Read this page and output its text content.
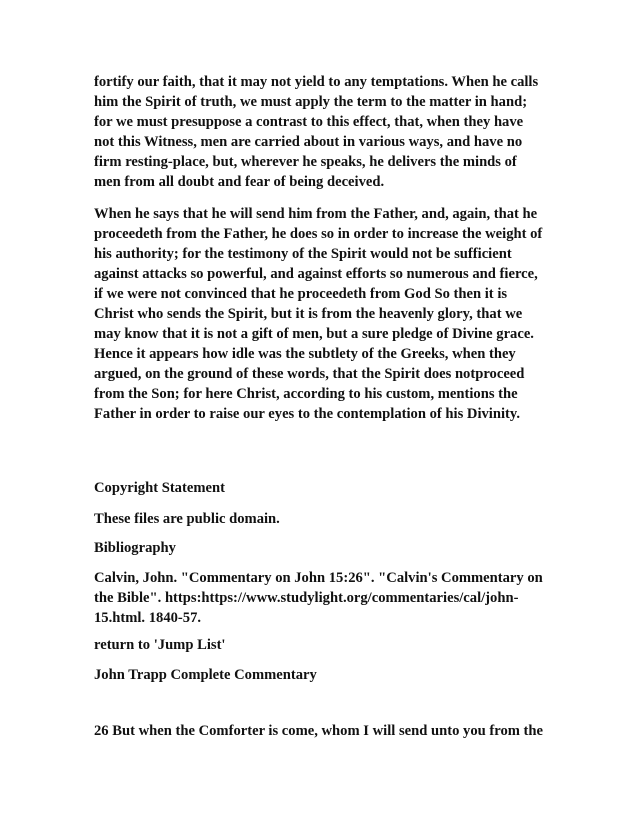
fortify our faith, that it may not yield to any temptations. When he calls
him the Spirit of truth, we must apply the term to the matter in hand;
for we must presuppose a contrast to this effect, that, when they have
not this Witness, men are carried about in various ways, and have no
firm resting-place, but, wherever he speaks, he delivers the minds of
men from all doubt and fear of being deceived.

When he says that he will send him from the Father, and, again, that he
proceedeth from the Father, he does so in order to increase the weight of
his authority; for the testimony of the Spirit would not be sufficient
against attacks so powerful, and against efforts so numerous and fierce,
if we were not convinced that he proceedeth from God So then it is
Christ who sends the Spirit, but it is from the heavenly glory, that we
may know that it is not a gift of men, but a sure pledge of Divine grace.
Hence it appears how idle was the subtlety of the Greeks, when they
argued, on the ground of these words, that the Spirit does notproceed
from the Son; for here Christ, according to his custom, mentions the
Father in order to raise our eyes to the contemplation of his Divinity.

Copyright Statement

These files are public domain.

Bibliography

Calvin, John. "Commentary on John 15:26". "Calvin's Commentary on
the Bible". https:https://www.studylight.org/commentaries/cal/john-
15.html. 1840-57.

return to 'Jump List'

John Trapp Complete Commentary

26 But when the Comforter is come, whom I will send unto you from the
